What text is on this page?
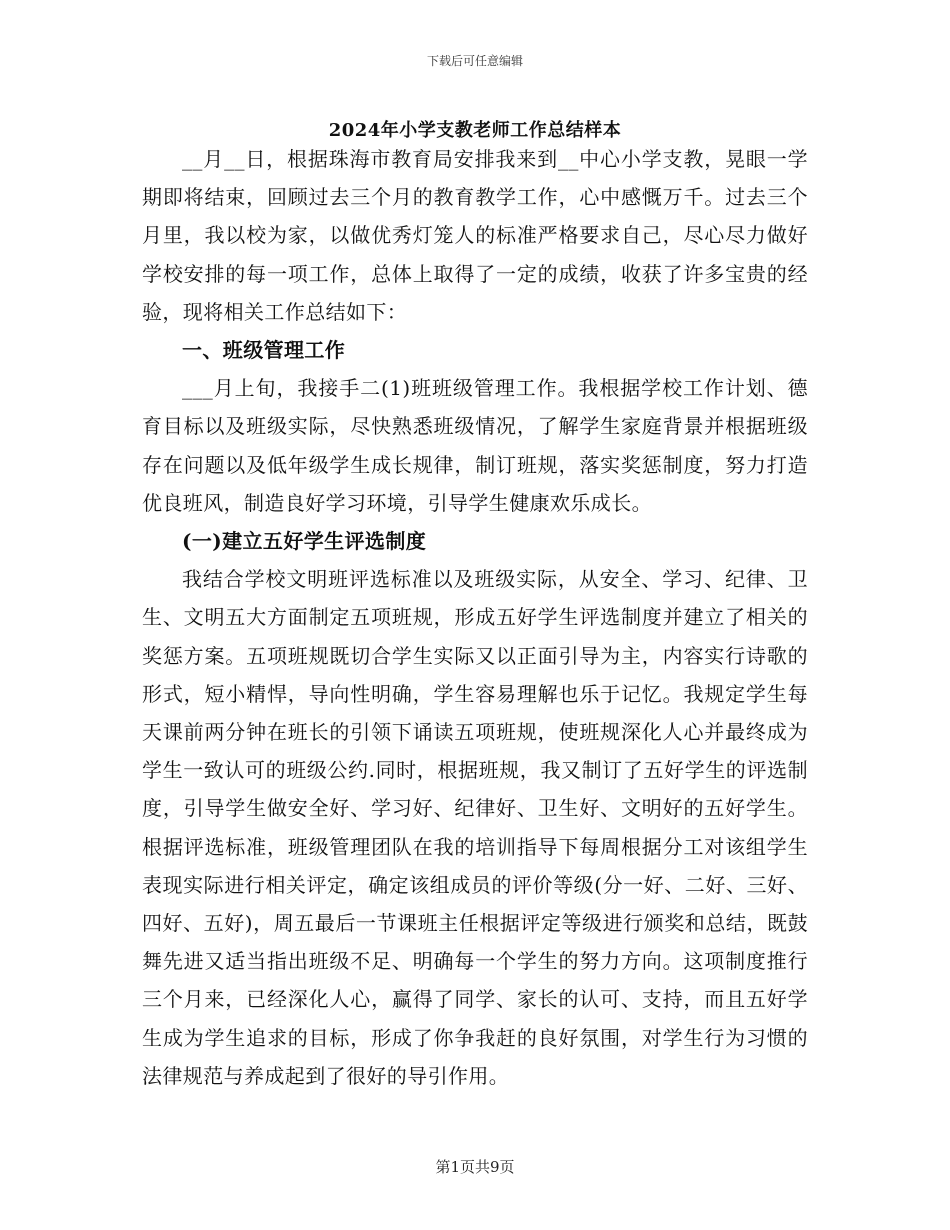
下载后可任意编辑
2024年小学支教老师工作总结样本

__月__日，根据珠海市教育局安排我来到__中心小学支教，晃眼一学期即将结束，回顾过去三个月的教育教学工作，心中感慨万千。过去三个月里，我以校为家，以做优秀灯笼人的标准严格要求自己，尽心尽力做好学校安排的每一项工作，总体上取得了一定的成绩，收获了许多宝贵的经验，现将相关工作总结如下：

一、班级管理工作

___月上旬，我接手二(1)班班级管理工作。我根据学校工作计划、德育目标以及班级实际，尽快熟悉班级情况，了解学生家庭背景并根据班级存在问题以及低年级学生成长规律，制订班规，落实奖惩制度，努力打造优良班风，制造良好学习环境，引导学生健康欢乐成长。

(一)建立五好学生评选制度

我结合学校文明班评选标准以及班级实际，从安全、学习、纪律、卫生、文明五大方面制定五项班规，形成五好学生评选制度并建立了相关的奖惩方案。五项班规既切合学生实际又以正面引导为主，内容实行诗歌的形式，短小精悍，导向性明确，学生容易理解也乐于记忆。我规定学生每天课前两分钟在班长的引领下诵读五项班规，使班规深化人心并最终成为学生一致认可的班级公约.同时，根据班规，我又制订了五好学生的评选制度，引导学生做安全好、学习好、纪律好、卫生好、文明好的五好学生。根据评选标准，班级管理团队在我的培训指导下每周根据分工对该组学生表现实际进行相关评定，确定该组成员的评价等级(分一好、二好、三好、四好、五好)，周五最后一节课班主任根据评定等级进行颁奖和总结，既鼓舞先进又适当指出班级不足、明确每一个学生的努力方向。这项制度推行三个月来，已经深化人心，赢得了同学、家长的认可、支持，而且五好学生成为学生追求的目标，形成了你争我赶的良好氛围，对学生行为习惯的法律规范与养成起到了很好的导引作用。

第1页共9页
